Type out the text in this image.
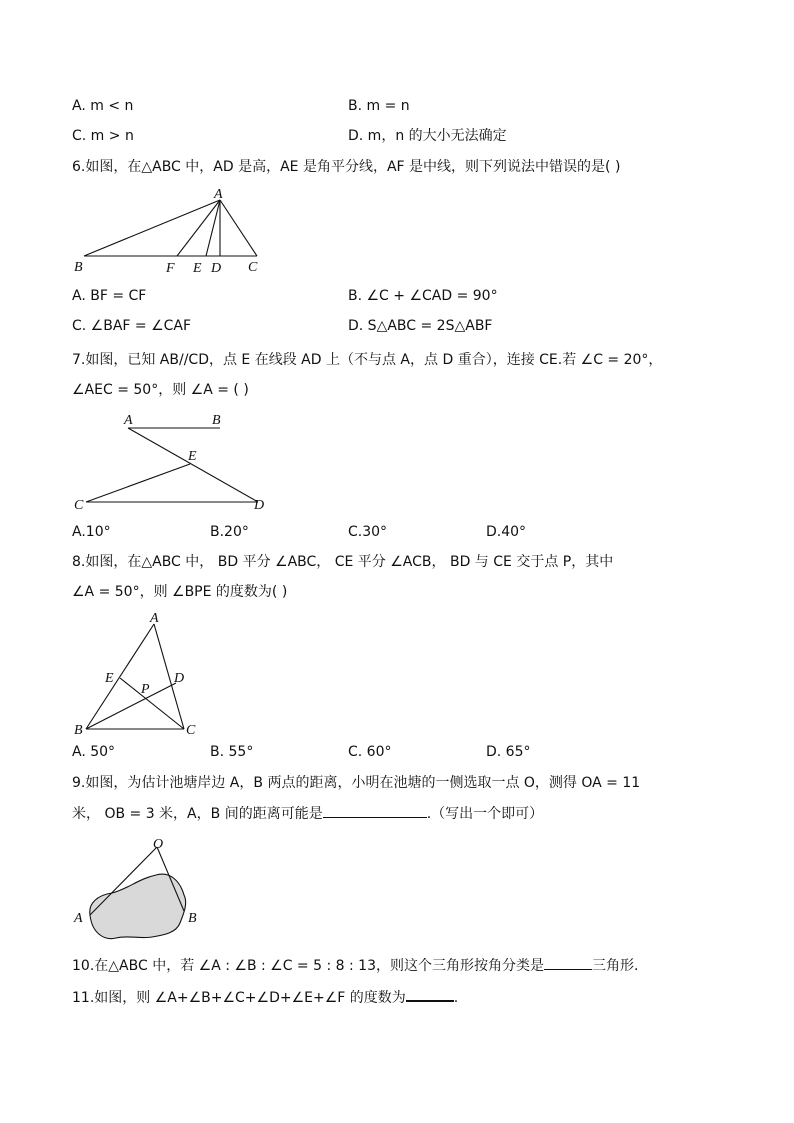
A. m < n	B. m = n
C. m > n	D. m，n 的大小无法确定
6.如图，在△ABC 中，AD 是高，AE 是角平分线，AF 是中线，则下列说法中错误的是( )
A
B	F E D C
A. BF = CF	B. ∠C + ∠CAD = 90°
C. ∠BAF = ∠CAF	D. S△ABC = 2S△ABF
7.如图，已知 AB//CD，点 E 在线段 AD 上（不与点 A，点 D 重合），连接 CE.若 ∠C = 20°，
∠AEC = 50°，则 ∠A = ( )
A	B
E
C	D
A.10°	B.20°	C.30°	D.40°
8.如图，在△ABC 中， BD 平分 ∠ABC， CE 平分 ∠ACB， BD 与 CE 交于点 P，其中
∠A = 50°，则 ∠BPE 的度数为( )
A
E
P
D
B	C
A. 50°	B. 55°	C. 60°	D. 65°
9.如图，为估计池塘岸边 A，B 两点的距离，小明在池塘的一侧选取一点 O，测得 OA = 11
米， OB = 3 米，A，B 间的距离可能是	.（写出一个即可）
O
A	B
10.在△ABC 中，若 ∠A : ∠B : ∠C = 5 : 8 : 13，则这个三角形按角分类是	三角形.
11.如图，则 ∠A+∠B+∠C+∠D+∠E+∠F 的度数为	.
